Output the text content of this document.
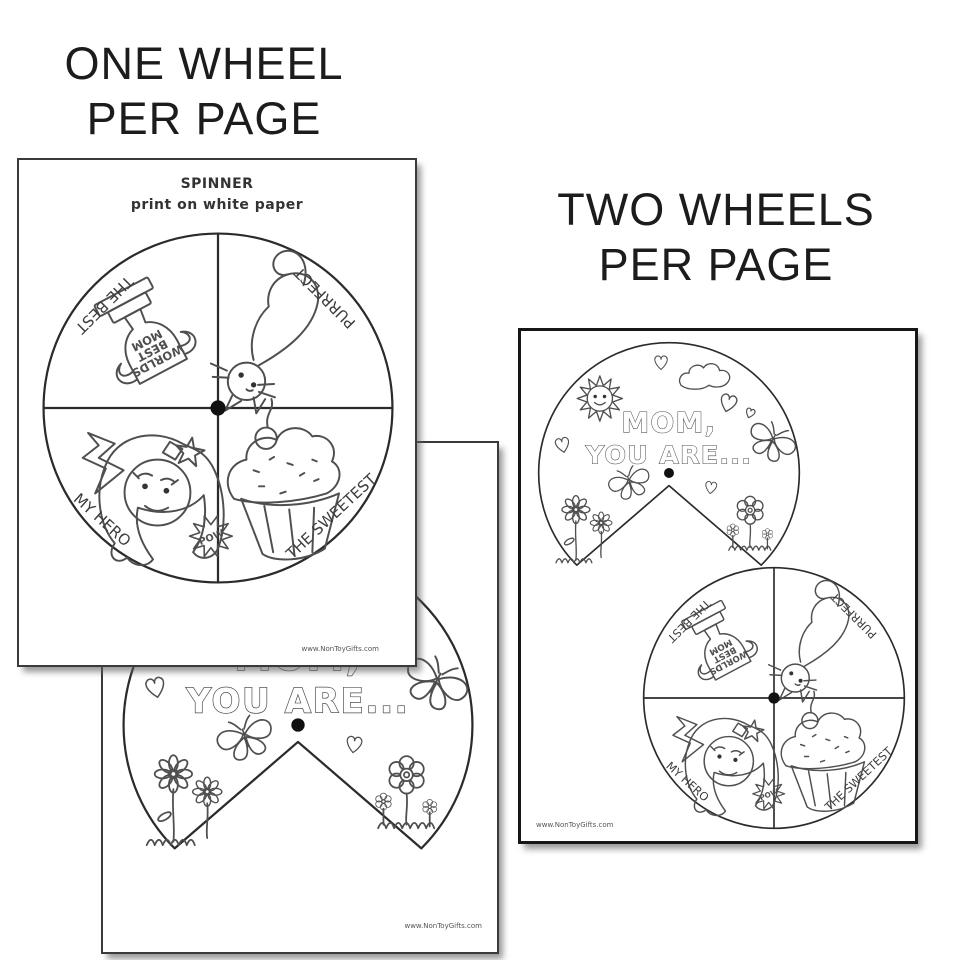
ONE WHEEL
PER PAGE
TWO WHEELS
PER PAGE
www.NonToyGifts.com
SPINNER
print on white paper
www.NonToyGifts.com
www.NonToyGifts.com
